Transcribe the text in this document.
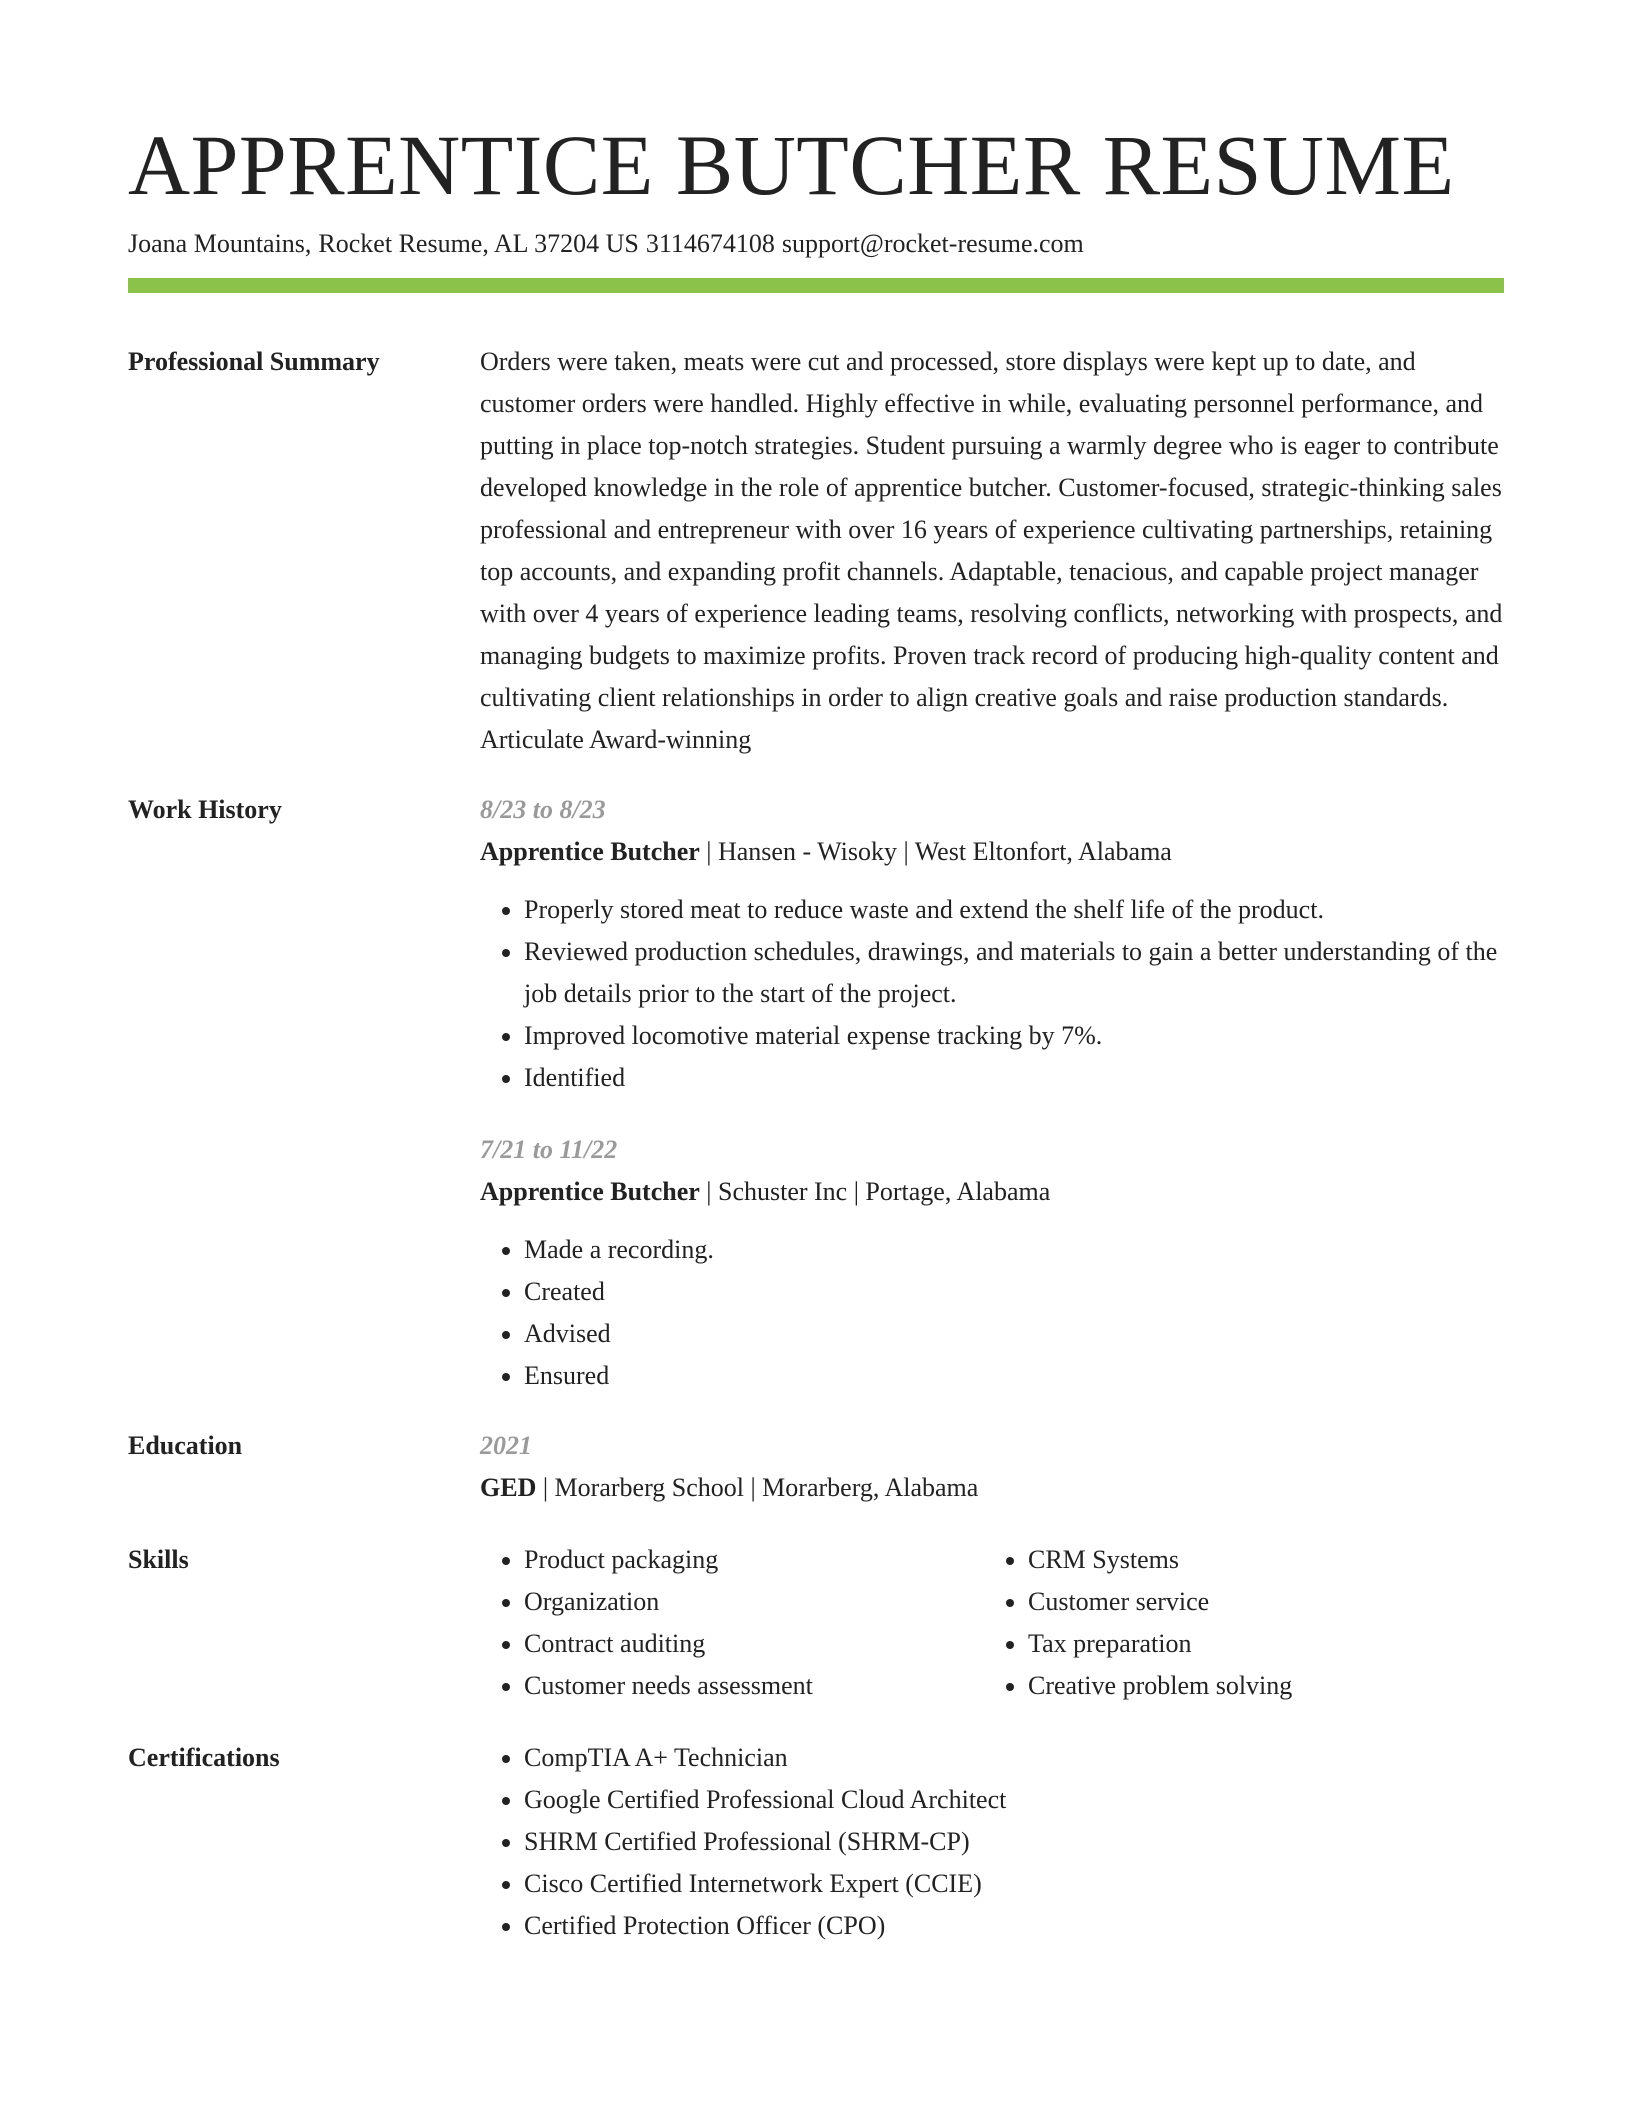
APPRENTICE BUTCHER RESUME
Joana Mountains, Rocket Resume, AL 37204 US 3114674108 support@rocket-resume.com
Professional Summary	Orders were taken, meats were cut and processed, store displays were kept up to date, and customer orders were handled. Highly effective in while, evaluating personnel performance, and putting in place top-notch strategies. Student pursuing a warmly degree who is eager to contribute developed knowledge in the role of apprentice butcher. Customer-focused, strategic-thinking sales professional and entrepreneur with over 16 years of experience cultivating partnerships, retaining top accounts, and expanding profit channels. Adaptable, tenacious, and capable project manager with over 4 years of experience leading teams, resolving conflicts, networking with prospects, and managing budgets to maximize profits. Proven track record of producing high-quality content and cultivating client relationships in order to align creative goals and raise production standards. Articulate Award-winning
Work History	8/23 to 8/23
Apprentice Butcher | Hansen - Wisoky | West Eltonfort, Alabama
• Properly stored meat to reduce waste and extend the shelf life of the product.
• Reviewed production schedules, drawings, and materials to gain a better understanding of the job details prior to the start of the project.
• Improved locomotive material expense tracking by 7%.
• Identified
7/21 to 11/22
Apprentice Butcher | Schuster Inc | Portage, Alabama
• Made a recording.
• Created
• Advised
• Ensured
Education	2021
GED | Morarberg School | Morarberg, Alabama
Skills	• Product packaging
• Organization
• Contract auditing
• Customer needs assessment
• CRM Systems
• Customer service
• Tax preparation
• Creative problem solving
Certifications	• CompTIA A+ Technician
• Google Certified Professional Cloud Architect
• SHRM Certified Professional (SHRM-CP)
• Cisco Certified Internetwork Expert (CCIE)
• Certified Protection Officer (CPO)
